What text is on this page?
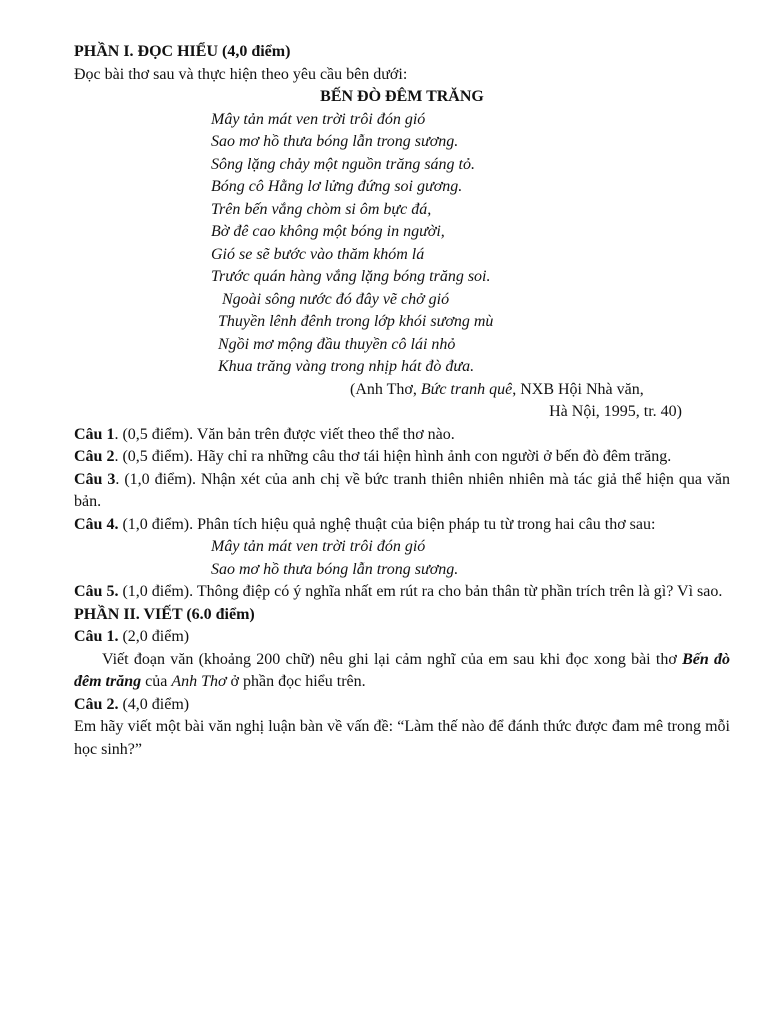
PHẦN I. ĐỌC HIỂU (4,0 điểm)

Đọc bài thơ sau và thực hiện theo yêu cầu bên dưới:

BẾN ĐÒ ĐÊM TRĂNG

Mây tản mát ven trời trôi đón gió

Sao mơ hồ thưa bóng lẫn trong sương.

Sông lặng chảy một nguồn trăng sáng tỏ.

Bóng cô Hằng lơ lửng đứng soi gương.

Trên bến vắng chòm si ôm bực đá,

Bờ đê cao không một bóng in người,

Gió se sẽ bước vào thăm khóm lá

Trước quán hàng vắng lặng bóng trăng soi.

Ngoài sông nước đó đây vẽ chở gió

Thuyền lênh đênh trong lớp khói sương mù

Ngồi mơ mộng đầu thuyền cô lái nhỏ

Khua trăng vàng trong nhịp hát đò đưa.

(Anh Thơ, Bức tranh quê, NXB Hội Nhà văn,

Hà Nội, 1995, tr. 40)

Câu 1. (0,5 điểm). Văn bản trên được viết theo thể thơ nào.

Câu 2. (0,5 điểm). Hãy chỉ ra những câu thơ tái hiện hình ảnh con người ở bến đò đêm trăng.

Câu 3. (1,0 điểm). Nhận xét của anh chị về bức tranh thiên nhiên nhiên mà tác giả thể hiện qua văn bản.

Câu 4. (1,0 điểm). Phân tích hiệu quả nghệ thuật của biện pháp tu từ trong hai câu thơ sau:

Mây tản mát ven trời trôi đón gió

Sao mơ hồ thưa bóng lẫn trong sương.

Câu 5. (1,0 điểm). Thông điệp có ý nghĩa nhất em rút ra cho bản thân từ phần trích trên là gì? Vì sao.

PHẦN II. VIẾT (6.0 điểm)

Câu 1. (2,0 điểm)

Viết đoạn văn (khoảng 200 chữ) nêu ghi lại cảm nghĩ của em sau khi đọc xong bài thơ Bến đò đêm trăng của Anh Thơ ở phần đọc hiểu trên.

Câu 2. (4,0 điểm)

Em hãy viết một bài văn nghị luận bàn về vấn đề: “Làm thế nào để đánh thức được đam mê trong mỗi học sinh?”
